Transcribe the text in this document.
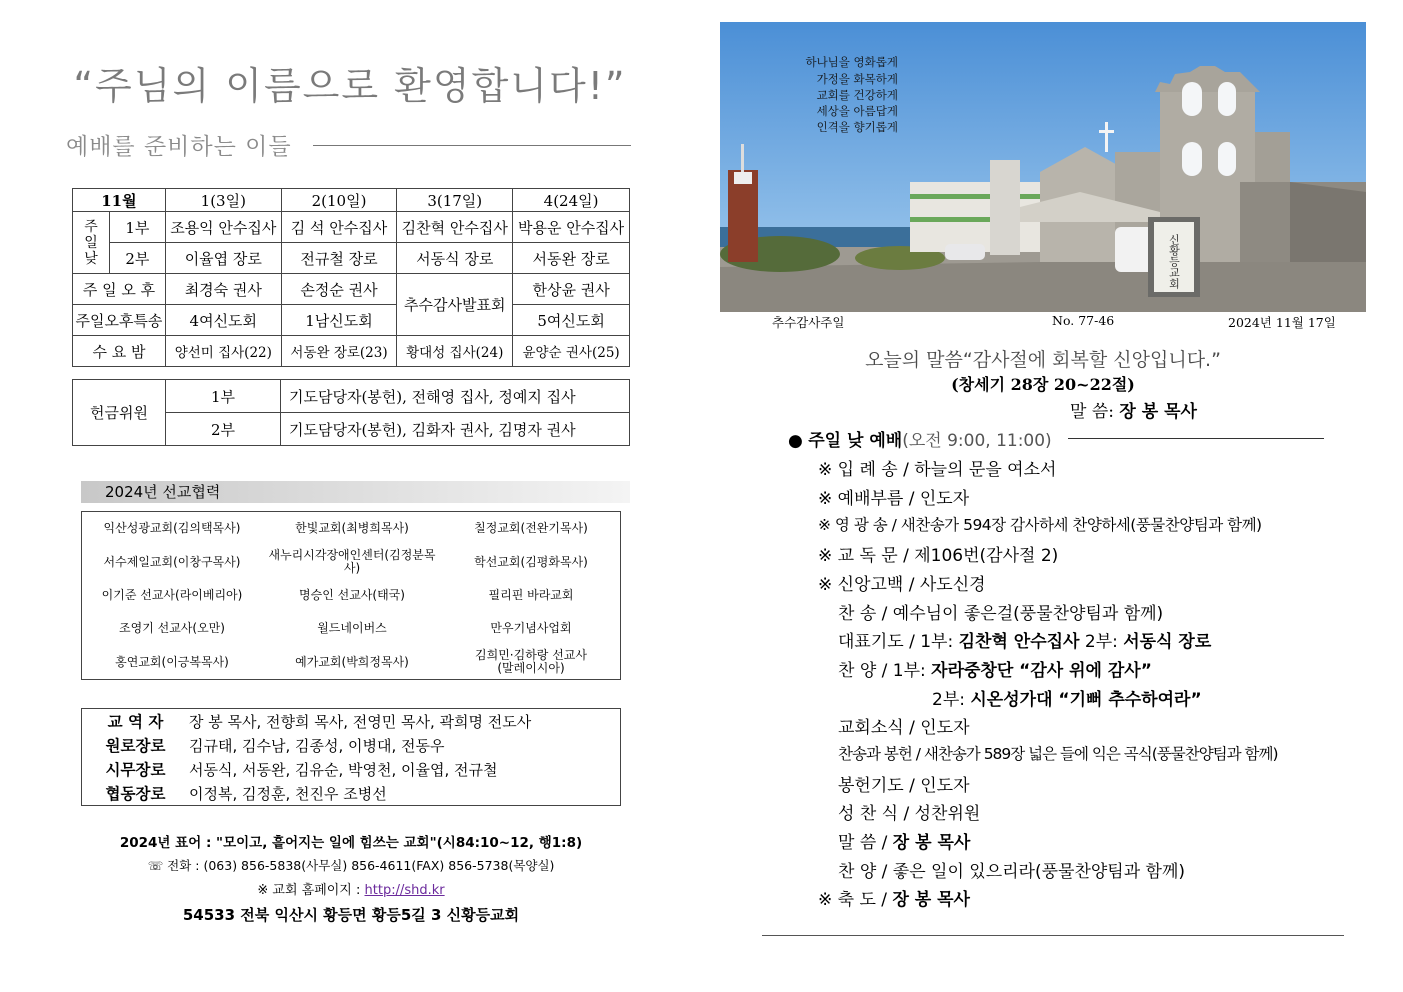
“주님의 이름으로 환영합니다!”
예배를 준비하는 이들
11월		1(3일)	2(10일)	3(17일)	4(24일)
주
일
낮	1부	조용익 안수집사	김 석 안수집사	김찬혁 안수집사	박용운 안수집사
	2부	이율엽 장로	전규철 장로	서동식 장로	서동완 장로
주 일 오 후		최경숙 권사	손정순 권사	추수감사발표회	한상윤 권사
주일오후특송		4여신도회	1남신도회		5여신도회
수 요 밤		양선미 집사(22)	서동완 장로(23)	황대성 집사(24)	윤양순 권사(25)
헌금위원	1부	기도담당자(봉헌), 전해영 집사, 정예지 집사
	2부	기도담당자(봉헌), 김화자 권사, 김명자 권사
2024년 선교협력
익산성광교회(김의택목사)	한빛교회(최병희목사)	칠정교회(전완기목사)
서수제일교회(이창구목사)	새누리시각장애인센터(김정분목사)	학선교회(김평화목사)
이기준 선교사(라이베리아)	명승인 선교사(태국)	필리핀 바라교회
조영기 선교사(오만)	월드네이버스	만우기념사업회
홍연교회(이긍복목사)	예가교회(박희정목사)	김희민·김하랑 선교사
(말레이시아)
교 역 자	장 봉 목사, 전향희 목사, 전영민 목사, 곽희명 전도사
원로장로	김규태, 김수남, 김종성, 이병대, 전동우
시무장로	서동식, 서동완, 김유순, 박영천, 이율엽, 전규철
협동장로	이정복, 김정훈, 천진우 조병선
2024년 표어 : "모이고, 흩어지는 일에 힘쓰는 교회"(시84:10~12, 행1:8)
☏ 전화 : (063) 856-5838(사무실) 856-4611(FAX) 856-5738(목양실)
※ 교회 홈페이지 : http://shd.kr
54533 전북 익산시 황등면 황등5길 3 신황등교회
신황등교회
하나님을 영화롭게
가정을 화목하게
교회를 건강하게
세상을 아름답게
인격을 향기롭게
추수감사주일	No. 77-46	2024년 11월 17일
오늘의 말씀“감사절에 회복할 신앙입니다.”
(창세기 28장 20~22절)
말 씀: 장 봉 목사
● 주일 낮 예배(오전 9:00, 11:00)
※ 입 례 송 / 하늘의 문을 여소서
※ 예배부름 / 인도자
※ 영 광 송 / 새찬송가 594장 감사하세 찬양하세(풍물찬양팀과 함께)
※ 교 독 문 / 제106번(감사절 2)
※ 신앙고백 / 사도신경
찬 송 / 예수님이 좋은걸(풍물찬양팀과 함께)
대표기도 / 1부: 김찬혁 안수집사 2부: 서동식 장로
찬 양 / 1부: 자라중창단 “감사 위에 감사”
2부: 시온성가대 “기뻐 추수하여라”
교회소식 / 인도자
찬송과 봉헌 / 새찬송가 589장 넓은 들에 익은 곡식(풍물찬양팀과 함께)
봉헌기도 / 인도자
성 찬 식 / 성찬위원
말 씀 / 장 봉 목사
찬 양 / 좋은 일이 있으리라(풍물찬양팀과 함께)
※ 축 도 / 장 봉 목사
